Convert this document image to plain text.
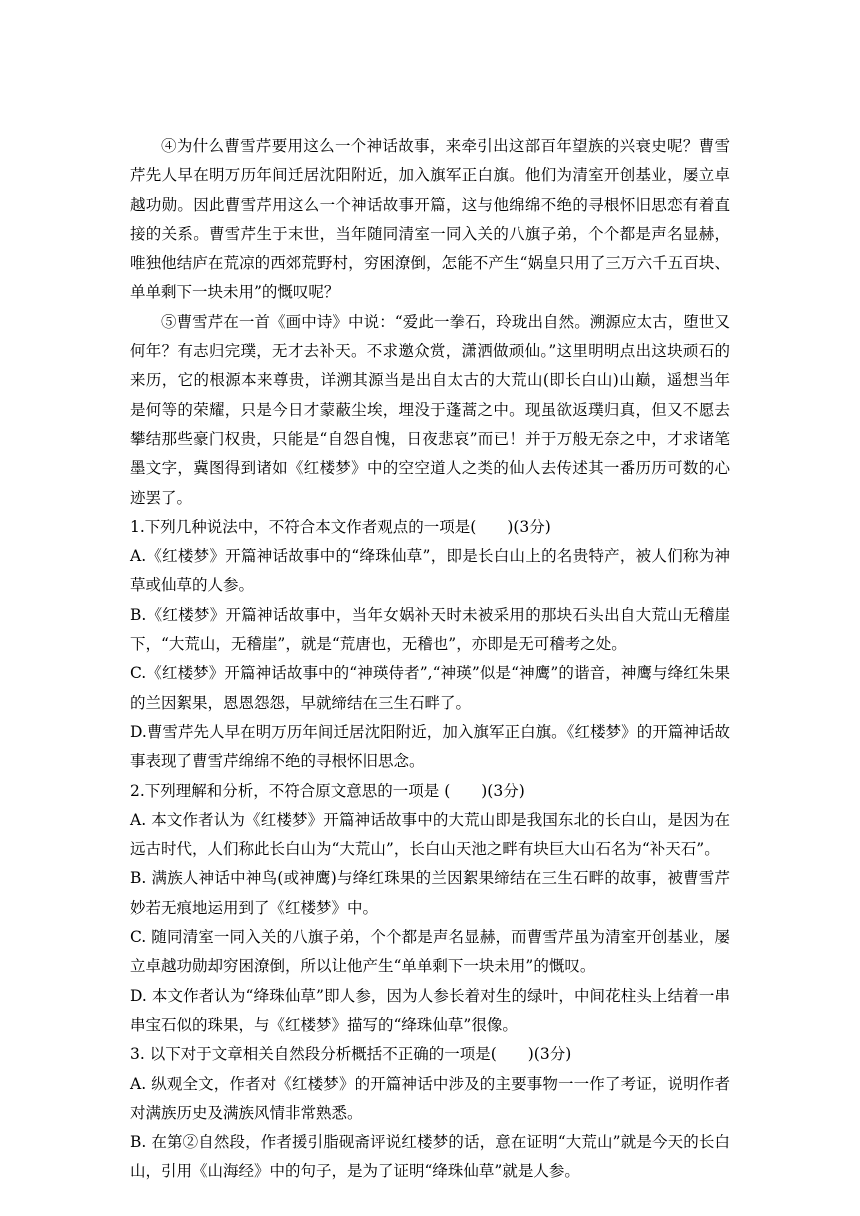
④为什么曹雪芹要用这么一个神话故事，来牵引出这部百年望族的兴衰史呢？曹雪芹先人早在明万历年间迁居沈阳附近，加入旗军正白旗。他们为清室开创基业，屡立卓越功勋。因此曹雪芹用这么一个神话故事开篇，这与他绵绵不绝的寻根怀旧思恋有着直接的关系。曹雪芹生于末世，当年随同清室一同入关的八旗子弟，个个都是声名显赫，唯独他结庐在荒凉的西郊荒野村，穷困潦倒，怎能不产生“娲皇只用了三万六千五百块、单单剩下一块未用”的慨叹呢？

⑤曹雪芹在一首《画中诗》中说：“爱此一拳石，玲珑出自然。溯源应太古，堕世又何年？有志归完璞，无才去补天。不求邀众赏，潇洒做顽仙。”这里明明点出这块顽石的来历，它的根源本来尊贵，详溯其源当是出自太古的大荒山(即长白山)山巅，遥想当年是何等的荣耀，只是今日才蒙蔽尘埃，埋没于蓬蒿之中。现虽欲返璞归真，但又不愿去攀结那些豪门权贵，只能是“自怨自愧，日夜悲哀”而已！并于万般无奈之中，才求诸笔墨文字，冀图得到诸如《红楼梦》中的空空道人之类的仙人去传述其一番历历可数的心迹罢了。

1.下列几种说法中，不符合本文作者观点的一项是(　　)(3分)

A.《红楼梦》开篇神话故事中的“绛珠仙草”，即是长白山上的名贵特产，被人们称为神草或仙草的人参。

B.《红楼梦》开篇神话故事中，当年女娲补天时未被采用的那块石头出自大荒山无稽崖下，“大荒山，无稽崖”，就是“荒唐也，无稽也”，亦即是无可稽考之处。

C.《红楼梦》开篇神话故事中的“神瑛侍者”,“神瑛”似是“神鹰”的谐音，神鹰与绛红朱果的兰因絮果，恩恩怨怨，早就缔结在三生石畔了。

D.曹雪芹先人早在明万历年间迁居沈阳附近，加入旗军正白旗。《红楼梦》的开篇神话故事表现了曹雪芹绵绵不绝的寻根怀旧思念。

2.下列理解和分析，不符合原文意思的一项是 (　　)(3分)

A. 本文作者认为《红楼梦》开篇神话故事中的大荒山即是我国东北的长白山，是因为在远古时代，人们称此长白山为“大荒山”，长白山天池之畔有块巨大山石名为“补天石”。

B. 满族人神话中神鸟(或神鹰)与绛红珠果的兰因絮果缔结在三生石畔的故事，被曹雪芹妙若无痕地运用到了《红楼梦》中。

C. 随同清室一同入关的八旗子弟，个个都是声名显赫，而曹雪芹虽为清室开创基业，屡立卓越功勋却穷困潦倒，所以让他产生“单单剩下一块未用”的慨叹。

D. 本文作者认为“绛珠仙草”即人参，因为人参长着对生的绿叶，中间花柱头上结着一串串宝石似的珠果，与《红楼梦》描写的“绛珠仙草”很像。

3. 以下对于文章相关自然段分析概括不正确的一项是(　　)(3分)

A. 纵观全文，作者对《红楼梦》的开篇神话中涉及的主要事物一一作了考证，说明作者对满族历史及满族风情非常熟悉。

B. 在第②自然段，作者援引脂砚斋评说红楼梦的话，意在证明“大荒山”就是今天的长白山，引用《山海经》中的句子，是为了证明“绛珠仙草”就是人参。
